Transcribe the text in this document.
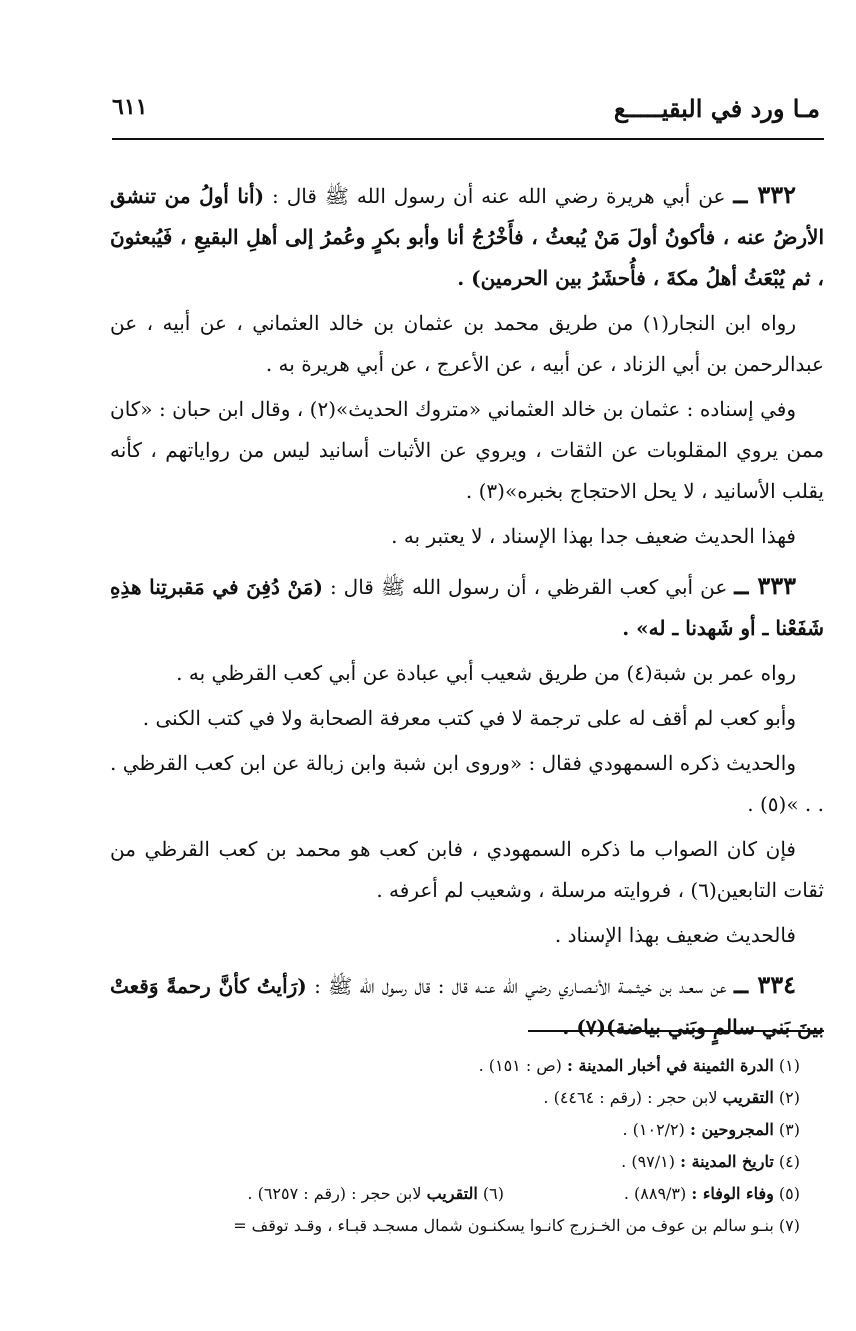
مـا ورد في البقيـــــع
٦١١

٣٣٢ ــ عن أبي هريرة رضي الله عنه أن رسول الله ﷺ قال : (أنا أولُ من تنشق الأرضُ عنه ، فأكونُ أولَ مَنْ يُبعثُ ، فأَخْرُجُ أنا وأبو بكرٍ وعُمرُ إلى أهلِ البقيعِ ، فَيُبعثونَ ، ثم يُبْعَثُ أهلُ مكةَ ، فأُحشَرُ بين الحرمين) .

رواه ابن النجار(١) من طريق محمد بن عثمان بن خالد العثماني ، عن أبيه ، عن عبدالرحمن بن أبي الزناد ، عن أبيه ، عن الأعرج ، عن أبي هريرة به .

وفي إسناده : عثمان بن خالد العثماني «متروك الحديث»(٢) ، وقال ابن حبان : «كان ممن يروي المقلوبات عن الثقات ، ويروي عن الأثبات أسانيد ليس من رواياتهم ، كأنه يقلب الأسانيد ، لا يحل الاحتجاج بخبره»(٣) .

فهذا الحديث ضعيف جدا بهذا الإسناد ، لا يعتبر به .

٣٣٣ ــ عن أبي كعب القرظي ، أن رسول الله ﷺ قال : (مَنْ دُفِنَ في مَقبرتِنا هذِهِ شَفَعْنا ـ أو شَهدنا ـ له» .

رواه عمر بن شبة(٤) من طريق شعيب أبي عبادة عن أبي كعب القرظي به .

وأبو كعب لم أقف له على ترجمة لا في كتب معرفة الصحابة ولا في كتب الكنى .

والحديث ذكره السمهودي فقال : «وروى ابن شبة وابن زبالة عن ابن كعب القرظي . . . »(٥) .

فإن كان الصواب ما ذكره السمهودي ، فابن كعب هو محمد بن كعب القرظي من ثقات التابعين(٦) ، فروايته مرسلة ، وشعيب لم أعرفه .

فالحديث ضعيف بهذا الإسناد .

٣٣٤ ــ عن سعـد بن خيثـمـة الأنـصـاري رضي الله عنـه قال : قال رسول الله ﷺ : (رَأيتُ كأنَّ رحمةً وَقعتْ بينَ بَني سالمٍ وبَني بياضة)(٧) .

(١) الدرة الثمينة في أخبار المدينة : (ص : ١٥١) .

(٢) التقريب لابن حجر : (رقم : ٤٤٦٤) .

(٣) المجروحين : (١٠٢/٢) .

(٤) تاريخ المدينة : (٩٧/١) .

(٥) وفاء الوفاء : (٨٨٩/٣) .

(٦) التقريب لابن حجر : (رقم : ٦٢٥٧) .

(٧) بنـو سالم بن عوف من الخـزرج كانـوا يسكنـون شمال مسجـد قبـاء ، وقـد توقف =
